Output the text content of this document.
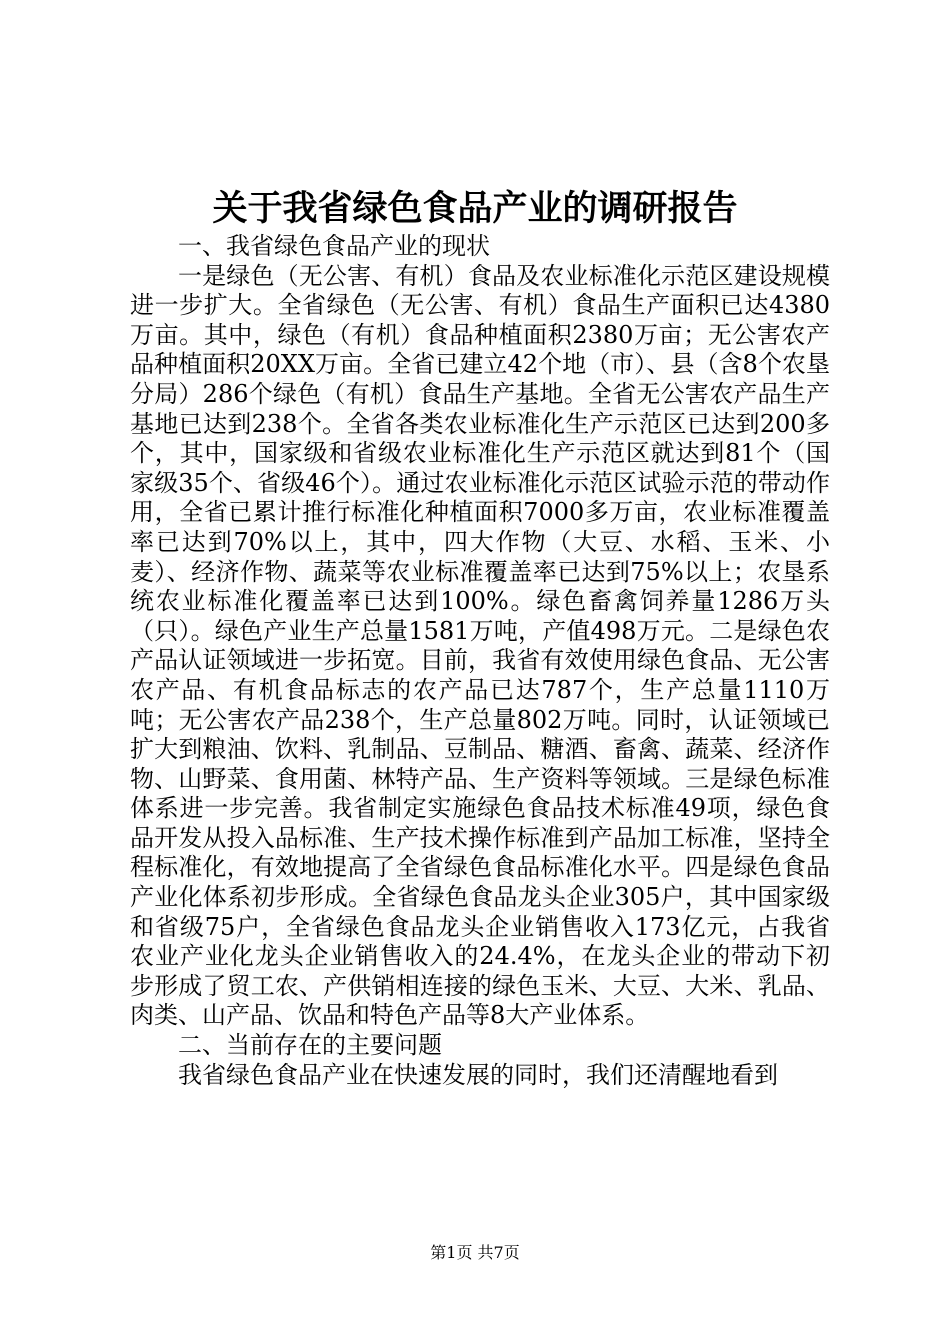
关于我省绿色食品产业的调研报告

一、我省绿色食品产业的现状

一是绿色（无公害、有机）食品及农业标准化示范区建设规模进一步扩大。全省绿色（无公害、有机）食品生产面积已达4380万亩。其中，绿色（有机）食品种植面积2380万亩；无公害农产品种植面积20XX万亩。全省已建立42个地（市）、县（含8个农垦分局）286个绿色（有机）食品生产基地。全省无公害农产品生产基地已达到238个。全省各类农业标准化生产示范区已达到200多个，其中，国家级和省级农业标准化生产示范区就达到81个（国家级35个、省级46个）。通过农业标准化示范区试验示范的带动作用，全省已累计推行标准化种植面积7000多万亩，农业标准覆盖率已达到70%以上，其中，四大作物（大豆、水稻、玉米、小麦）、经济作物、蔬菜等农业标准覆盖率已达到75%以上；农垦系统农业标准化覆盖率已达到100%。绿色畜禽饲养量1286万头（只）。绿色产业生产总量1581万吨，产值498万元。二是绿色农产品认证领域进一步拓宽。目前，我省有效使用绿色食品、无公害农产品、有机食品标志的农产品已达787个，生产总量1110万吨；无公害农产品238个，生产总量802万吨。同时，认证领域已扩大到粮油、饮料、乳制品、豆制品、糖酒、畜禽、蔬菜、经济作物、山野菜、食用菌、林特产品、生产资料等领域。三是绿色标准体系进一步完善。我省制定实施绿色食品技术标准49项，绿色食品开发从投入品标准、生产技术操作标准到产品加工标准，坚持全程标准化，有效地提高了全省绿色食品标准化水平。四是绿色食品产业化体系初步形成。全省绿色食品龙头企业305户，其中国家级和省级75户，全省绿色食品龙头企业销售收入173亿元，占我省农业产业化龙头企业销售收入的24.4%，在龙头企业的带动下初步形成了贸工农、产供销相连接的绿色玉米、大豆、大米、乳品、肉类、山产品、饮品和特色产品等8大产业体系。

二、当前存在的主要问题

我省绿色食品产业在快速发展的同时，我们还清醒地看到

第1页 共7页
